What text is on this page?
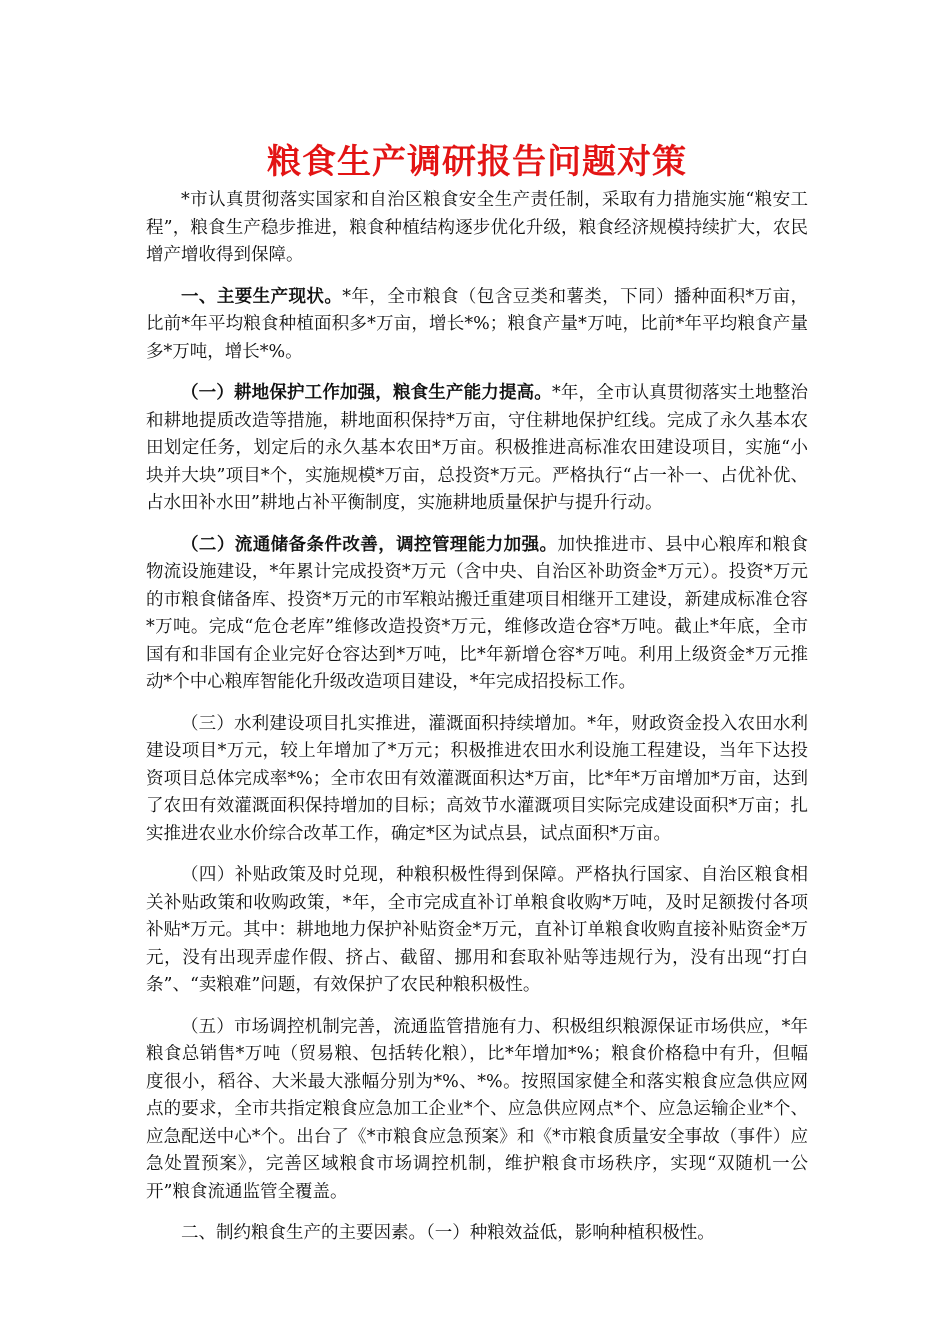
粮食生产调研报告问题对策

*市认真贯彻落实国家和自治区粮食安全生产责任制，采取有力措施实施“粮安工程”，粮食生产稳步推进，粮食种植结构逐步优化升级，粮食经济规模持续扩大，农民增产增收得到保障。

一、主要生产现状。*年，全市粮食（包含豆类和薯类，下同）播种面积*万亩，比前*年平均粮食种植面积多*万亩，增长*%；粮食产量*万吨，比前*年平均粮食产量多*万吨，增长*%。

（一）耕地保护工作加强，粮食生产能力提高。*年，全市认真贯彻落实土地整治和耕地提质改造等措施，耕地面积保持*万亩，守住耕地保护红线。完成了永久基本农田划定任务，划定后的永久基本农田*万亩。积极推进高标准农田建设项目，实施“小块并大块”项目*个，实施规模*万亩，总投资*万元。严格执行“占一补一、占优补优、占水田补水田”耕地占补平衡制度，实施耕地质量保护与提升行动。

（二）流通储备条件改善，调控管理能力加强。加快推进市、县中心粮库和粮食物流设施建设，*年累计完成投资*万元（含中央、自治区补助资金*万元）。投资*万元的市粮食储备库、投资*万元的市军粮站搬迁重建项目相继开工建设，新建成标准仓容*万吨。完成“危仓老库”维修改造投资*万元，维修改造仓容*万吨。截止*年底，全市国有和非国有企业完好仓容达到*万吨，比*年新增仓容*万吨。利用上级资金*万元推动*个中心粮库智能化升级改造项目建设，*年完成招投标工作。

（三）水利建设项目扎实推进，灌溉面积持续增加。*年，财政资金投入农田水利建设项目*万元，较上年增加了*万元；积极推进农田水利设施工程建设，当年下达投资项目总体完成率*%；全市农田有效灌溉面积达*万亩，比*年*万亩增加*万亩，达到了农田有效灌溉面积保持增加的目标；高效节水灌溉项目实际完成建设面积*万亩；扎实推进农业水价综合改革工作，确定*区为试点县，试点面积*万亩。

（四）补贴政策及时兑现，种粮积极性得到保障。严格执行国家、自治区粮食相关补贴政策和收购政策，*年，全市完成直补订单粮食收购*万吨，及时足额拨付各项补贴*万元。其中：耕地地力保护补贴资金*万元，直补订单粮食收购直接补贴资金*万元，没有出现弄虚作假、挤占、截留、挪用和套取补贴等违规行为，没有出现“打白条”、“卖粮难”问题，有效保护了农民种粮积极性。

（五）市场调控机制完善，流通监管措施有力、积极组织粮源保证市场供应，*年粮食总销售*万吨（贸易粮、包括转化粮），比*年增加*%；粮食价格稳中有升，但幅度很小，稻谷、大米最大涨幅分别为*%、*%。按照国家健全和落实粮食应急供应网点的要求，全市共指定粮食应急加工企业*个、应急供应网点*个、应急运输企业*个、应急配送中心*个。出台了《*市粮食应急预案》和《*市粮食质量安全事故（事件）应急处置预案》，完善区域粮食市场调控机制，维护粮食市场秩序，实现“双随机一公开”粮食流通监管全覆盖。

二、制约粮食生产的主要因素。（一）种粮效益低，影响种植积极性。
